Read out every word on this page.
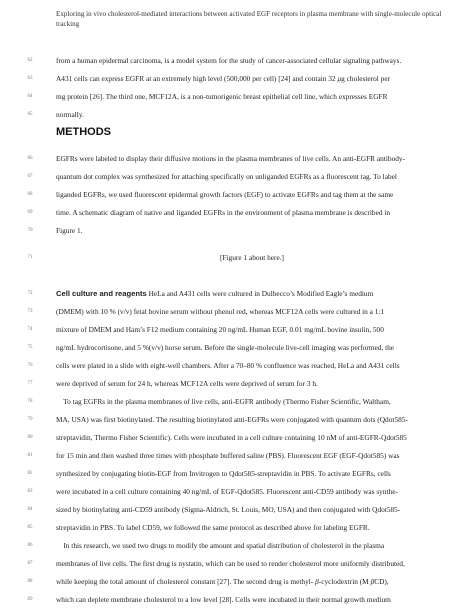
Exploring in vivo cholesterol-mediated interactions between activated EGF receptors in plasma membrane with single-molecule optical tracking
62	from a human epidermal carcinoma, is a model system for the study of cancer-associated cellular signaling pathways.
63	A431 cells can express EGFR at an extremely high level (500,000 per cell) [24] and contain 32 μg cholesterol per
64	mg protein [26]. The third one, MCF12A, is a non-tumorigenic breast epithelial cell line, which expresses EGFR
65	normally.
METHODS
66	EGFRs were labeled to display their diffusive motions in the plasma membranes of live cells. An anti-EGFR antibody-
67	quantum dot complex was synthesized for attaching specifically on unliganded EGFRs as a fluorescent tag. To label
68	liganded EGFRs, we used fluorescent epidermal growth factors (EGF) to activate EGFRs and tag them at the same
69	time. A schematic diagram of native and liganded EGFRs in the environment of plasma membrane is described in
70	Figure 1.
71	[Figure 1 about here.]
72	Cell culture and reagents HeLa and A431 cells were cultured in Dulbecco’s Modified Eagle’s medium
73	(DMEM) with 10 % (v/v) fetal bovine serum without phenol red, whereas MCF12A cells were cultured in a 1:1
74	mixture of DMEM and Ham’s F12 medium containing 20 ng/mL Human EGF, 0.01 mg/mL bovine insulin, 500
75	ng/mL hydrocortisone, and 5 %(v/v) horse serum. Before the single-molecule live-cell imaging was performed, the
76	cells were plated in a slide with eight-well chambers. After a 70–80 % confluence was reached, HeLa and A431 cells
77	were deprived of serum for 24 h, whereas MCF12A cells were deprived of serum for 3 h.
78	To tag EGFRs in the plasma membranes of live cells, anti-EGFR antibody (Thermo Fisher Scientific, Waltham,
79	MA, USA) was first biotinylated. The resulting biotinylated anti-EGFRs were conjugated with quantum dots (Qdot585-
80	streptavidin, Thermo Fisher Scientific). Cells were incubated in a cell culture containing 10 nM of anti-EGFR-Qdot585
81	for 15 min and then washed three times with phosphate buffered saline (PBS). Fluorescent EGF (EGF-Qdot585) was
82	synthesized by conjugating biotin-EGF from Invitrogen to Qdot585-streptavidin in PBS. To activate EGFRs, cells
83	were incubated in a cell culture containing 40 ng/mL of EGF-Qdot585. Fluorescent anti-CD59 antibody was synthe-
84	sized by biotinylating anti-CD59 antibody (Sigma-Aldrich, St. Louis, MO, USA) and then conjugated with Qdot585-
85	streptavidin in PBS. To label CD59, we followed the same protocol as described above for labeling EGFR.
86	In this research, we used two drugs to modify the amount and spatial distribution of cholesterol in the plasma
87	membranes of live cells. The first drug is nystatin, which can be used to render cholesterol more uniformly distributed,
88	while keeping the total amount of cholesterol constant [27]. The second drug is methyl- β-cyclodextrin (M βCD),
89	which can deplete membrane cholesterol to a low level [28]. Cells were incubated in their normal growth medium
